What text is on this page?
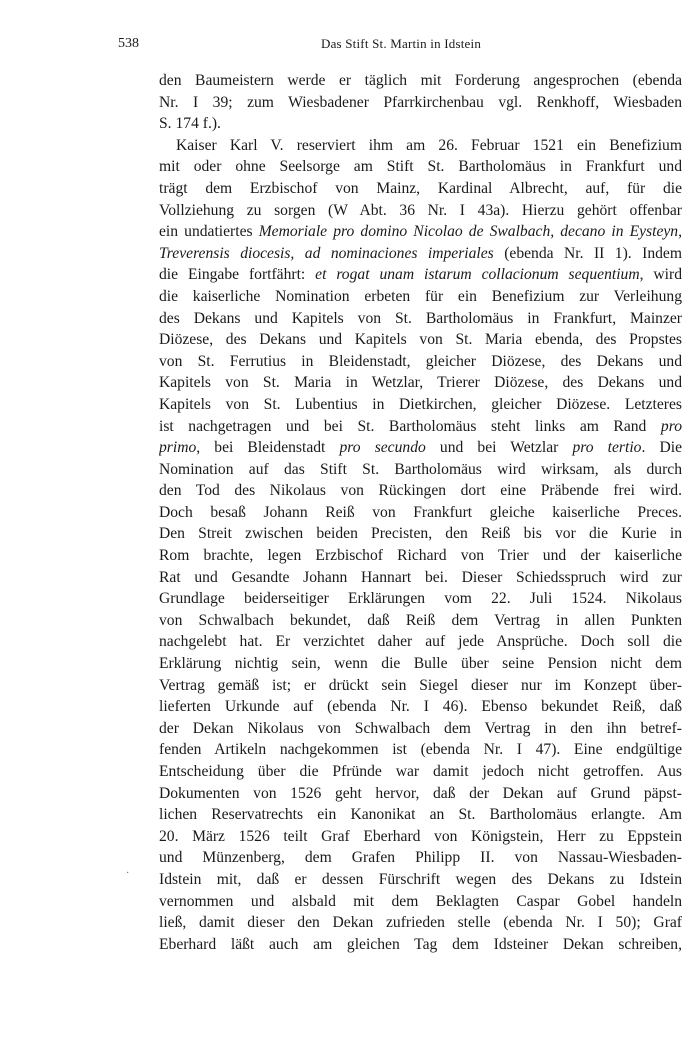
538	Das Stift St. Martin in Idstein
·
den Baumeistern werde er täglich mit Forderung angesprochen (ebenda
Nr. I 39; zum Wiesbadener Pfarrkirchenbau vgl. Renkhoff, Wiesbaden
S. 174 f.).
Kaiser Karl V. reserviert ihm am 26. Februar 1521 ein Benefizium
mit oder ohne Seelsorge am Stift St. Bartholomäus in Frankfurt und
trägt dem Erzbischof von Mainz, Kardinal Albrecht, auf, für die
Vollziehung zu sorgen (W Abt. 36 Nr. I 43a). Hierzu gehört offenbar
ein undatiertes Memoriale pro domino Nicolao de Swalbach, decano in Eysteyn,
Treverensis diocesis, ad nominaciones imperiales (ebenda Nr. II 1). Indem
die Eingabe fortfährt: et rogat unam istarum collacionum sequentium, wird
die kaiserliche Nomination erbeten für ein Benefizium zur Verleihung
des Dekans und Kapitels von St. Bartholomäus in Frankfurt, Mainzer
Diözese, des Dekans und Kapitels von St. Maria ebenda, des Propstes
von St. Ferrutius in Bleidenstadt, gleicher Diözese, des Dekans und
Kapitels von St. Maria in Wetzlar, Trierer Diözese, des Dekans und
Kapitels von St. Lubentius in Dietkirchen, gleicher Diözese. Letzteres
ist nachgetragen und bei St. Bartholomäus steht links am Rand pro
primo, bei Bleidenstadt pro secundo und bei Wetzlar pro tertio. Die
Nomination auf das Stift St. Bartholomäus wird wirksam, als durch
den Tod des Nikolaus von Rückingen dort eine Präbende frei wird.
Doch besaß Johann Reiß von Frankfurt gleiche kaiserliche Preces.
Den Streit zwischen beiden Precisten, den Reiß bis vor die Kurie in
Rom brachte, legen Erzbischof Richard von Trier und der kaiserliche
Rat und Gesandte Johann Hannart bei. Dieser Schiedsspruch wird zur
Grundlage beiderseitiger Erklärungen vom 22. Juli 1524. Nikolaus
von Schwalbach bekundet, daß Reiß dem Vertrag in allen Punkten
nachgelebt hat. Er verzichtet daher auf jede Ansprüche. Doch soll die
Erklärung nichtig sein, wenn die Bulle über seine Pension nicht dem
Vertrag gemäß ist; er drückt sein Siegel dieser nur im Konzept über-
lieferten Urkunde auf (ebenda Nr. I 46). Ebenso bekundet Reiß, daß
der Dekan Nikolaus von Schwalbach dem Vertrag in den ihn betref-
fenden Artikeln nachgekommen ist (ebenda Nr. I 47). Eine endgültige
Entscheidung über die Pfründe war damit jedoch nicht getroffen. Aus
Dokumenten von 1526 geht hervor, daß der Dekan auf Grund päpst-
lichen Reservatrechts ein Kanonikat an St. Bartholomäus erlangte. Am
20. März 1526 teilt Graf Eberhard von Königstein, Herr zu Eppstein
und Münzenberg, dem Grafen Philipp II. von Nassau-Wiesbaden-
Idstein mit, daß er dessen Fürschrift wegen des Dekans zu Idstein
vernommen und alsbald mit dem Beklagten Caspar Gobel handeln
ließ, damit dieser den Dekan zufrieden stelle (ebenda Nr. I 50); Graf
Eberhard läßt auch am gleichen Tag dem Idsteiner Dekan schreiben,
